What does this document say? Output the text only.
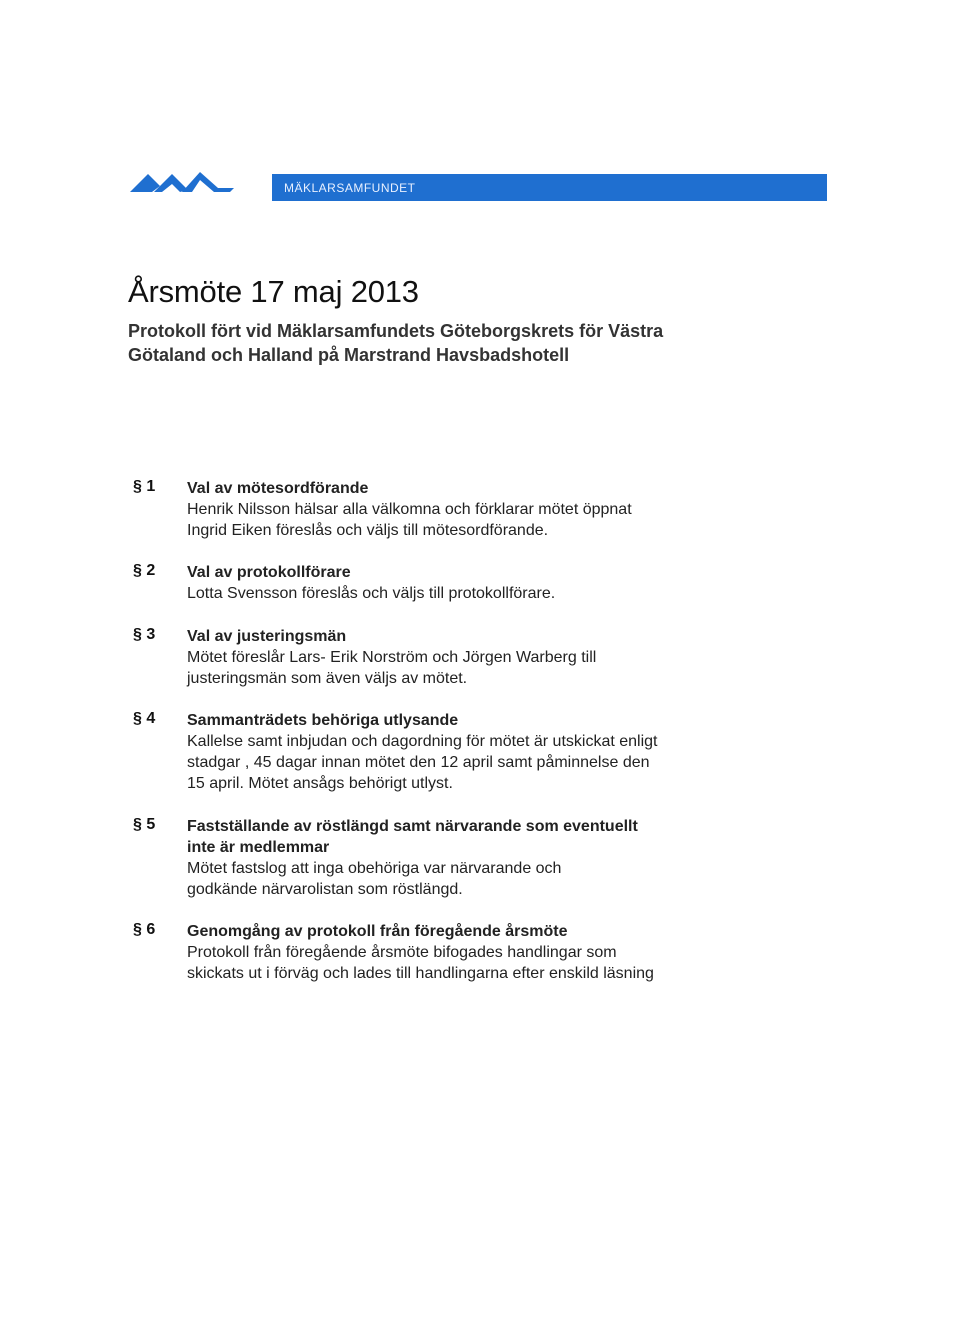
MÄKLARSAMFUNDET
Årsmöte 17 maj 2013
Protokoll fört vid Mäklarsamfundets Göteborgskrets för Västra
Götaland och Halland på Marstrand Havsbadshotell
§ 1 Val av mötesordförande

Henrik Nilsson hälsar alla välkomna och förklarar mötet öppnat

Ingrid Eiken föreslås och väljs till mötesordförande.

§ 2 Val av protokollförare

Lotta Svensson föreslås och väljs till protokollförare.

§ 3 Val av justeringsmän

Mötet föreslår Lars- Erik Norström och Jörgen Warberg till

justeringsmän som även väljs av mötet.

§ 4 Sammanträdets behöriga utlysande

Kallelse samt inbjudan och dagordning för mötet är utskickat enligt

stadgar , 45 dagar innan mötet den 12 april samt påminnelse den

15 april. Mötet ansågs behörigt utlyst.

§ 5 Fastställande av röstlängd samt närvarande som eventuellt

inte är medlemmar

Mötet fastslog att inga obehöriga var närvarande och

godkände närvarolistan som röstlängd.

§ 6 Genomgång av protokoll från föregående årsmöte

Protokoll från föregående årsmöte bifogades handlingar som

skickats ut i förväg och lades till handlingarna efter enskild läsning
